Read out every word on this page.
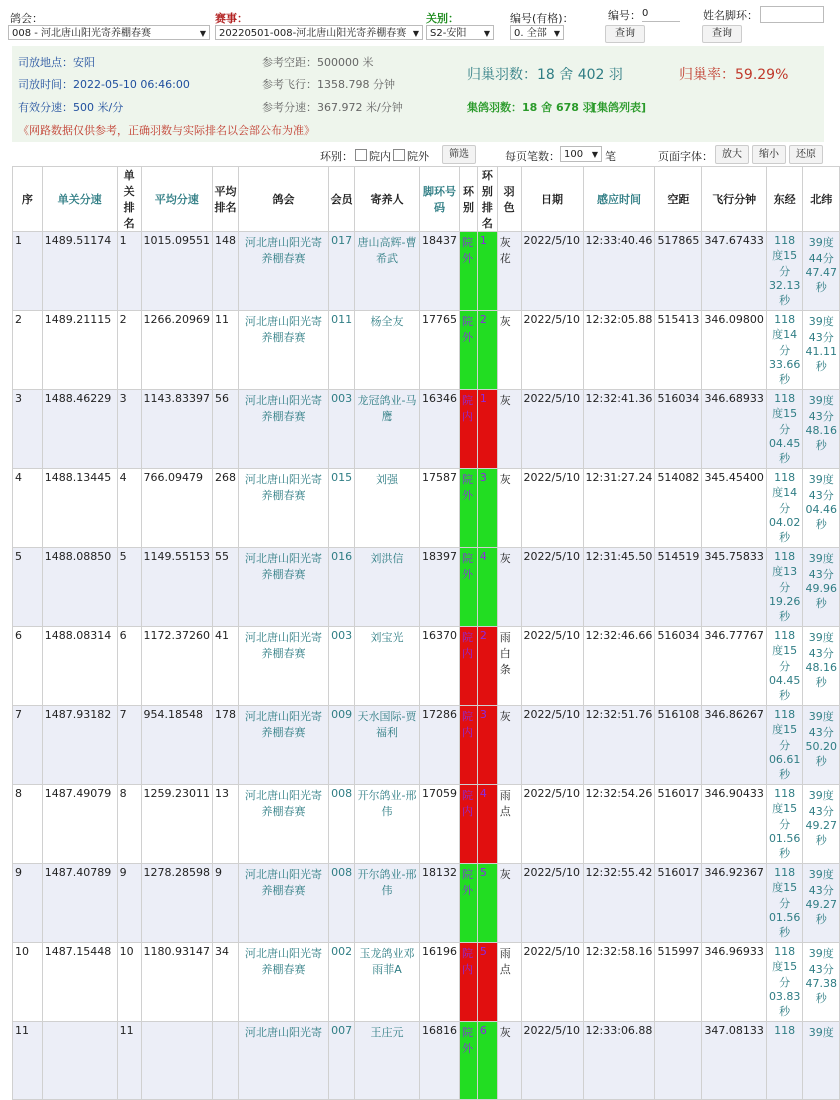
鸽会：
008 - 河北唐山阳光寄养棚春赛	▼
赛事：
20220501-008-河北唐山阳光寄养棚春赛 ▼
关别：
S2-安阳 ▼
编号(有格)：
0. 全部 ▼
编号： 0
查询
姓名脚环：
查询
司放地点：安阳
司放时间：2022-05-10 06:46:00
有效分速：500 米/分
参考空距：500000 米
参考飞行：1358.798 分钟
参考分速：367.972 米/分钟
归巢羽数：18 舍 402 羽	归巢率：59.29%
集鸽羽数：18 舍 678 羽
[集鸽列表]
《网路数据仅供参考，正确羽数与实际排名以会部公布为准》
环别： 院内 院外	筛选	每页笔数： 100 ▼ 笔	页面字体： 放大	缩小	还原
序	单关分速	单关排名	平均分速	平均排名	鸽会	会员	寄养人	脚环号码	环别	环别排名	羽色	日期	感应时间	空距	飞行分钟	东经	北纬
1	1489.51174	1	1015.09551	148	河北唐山阳光寄养棚春赛	017	唐山高辉-曹希武	18437	院外	1	灰花	2022/5/10	12:33:40.46	517865	347.67433	118度15分32.13秒	39度44分47.47秒
2	1489.21115	2	1266.20969	11	河北唐山阳光寄养棚春赛	011	杨全友	17765	院外	2	灰	2022/5/10	12:32:05.88	515413	346.09800	118度14分33.66秒	39度43分41.11秒
3	1488.46229	3	1143.83397	56	河北唐山阳光寄养棚春赛	003	龙冠鸽业-马鹰	16346	院内	1	灰	2022/5/10	12:32:41.36	516034	346.68933	118度15分04.45秒	39度43分48.16秒
4	1488.13445	4	766.09479	268	河北唐山阳光寄养棚春赛	015	刘强	17587	院外	3	灰	2022/5/10	12:31:27.24	514082	345.45400	118度14分04.02秒	39度43分04.46秒
5	1488.08850	5	1149.55153	55	河北唐山阳光寄养棚春赛	016	刘洪信	18397	院外	4	灰	2022/5/10	12:31:45.50	514519	345.75833	118度13分19.26秒	39度43分49.96秒
6	1488.08314	6	1172.37260	41	河北唐山阳光寄养棚春赛	003	刘宝光	16370	院内	2	雨白条	2022/5/10	12:32:46.66	516034	346.77767	118度15分04.45秒	39度43分48.16秒
7	1487.93182	7	954.18548	178	河北唐山阳光寄养棚春赛	009	天水国际-贾福利	17286	院内	3	灰	2022/5/10	12:32:51.76	516108	346.86267	118度15分06.61秒	39度43分50.20秒
8	1487.49079	8	1259.23011	13	河北唐山阳光寄养棚春赛	008	开尔鸽业-邢伟	17059	院内	4	雨点	2022/5/10	12:32:54.26	516017	346.90433	118度15分01.56秒	39度43分49.27秒
9	1487.40789	9	1278.28598	9	河北唐山阳光寄养棚春赛	008	开尔鸽业-邢伟	18132	院外	5	灰	2022/5/10	12:32:55.42	516017	346.92367	118度15分01.56秒	39度43分49.27秒
10	1487.15448	10	1180.93147	34	河北唐山阳光寄养棚春赛	002	玉龙鸽业邓雨菲A	16196	院内	5	雨点	2022/5/10	12:32:58.16	515997	346.96933	118度15分03.83秒	39度43分47.38秒
11		11			河北唐山阳光寄	007	王庄元	16816	院外	6	灰	2022/5/10	12:33:06.88		347.08133	118	39度
